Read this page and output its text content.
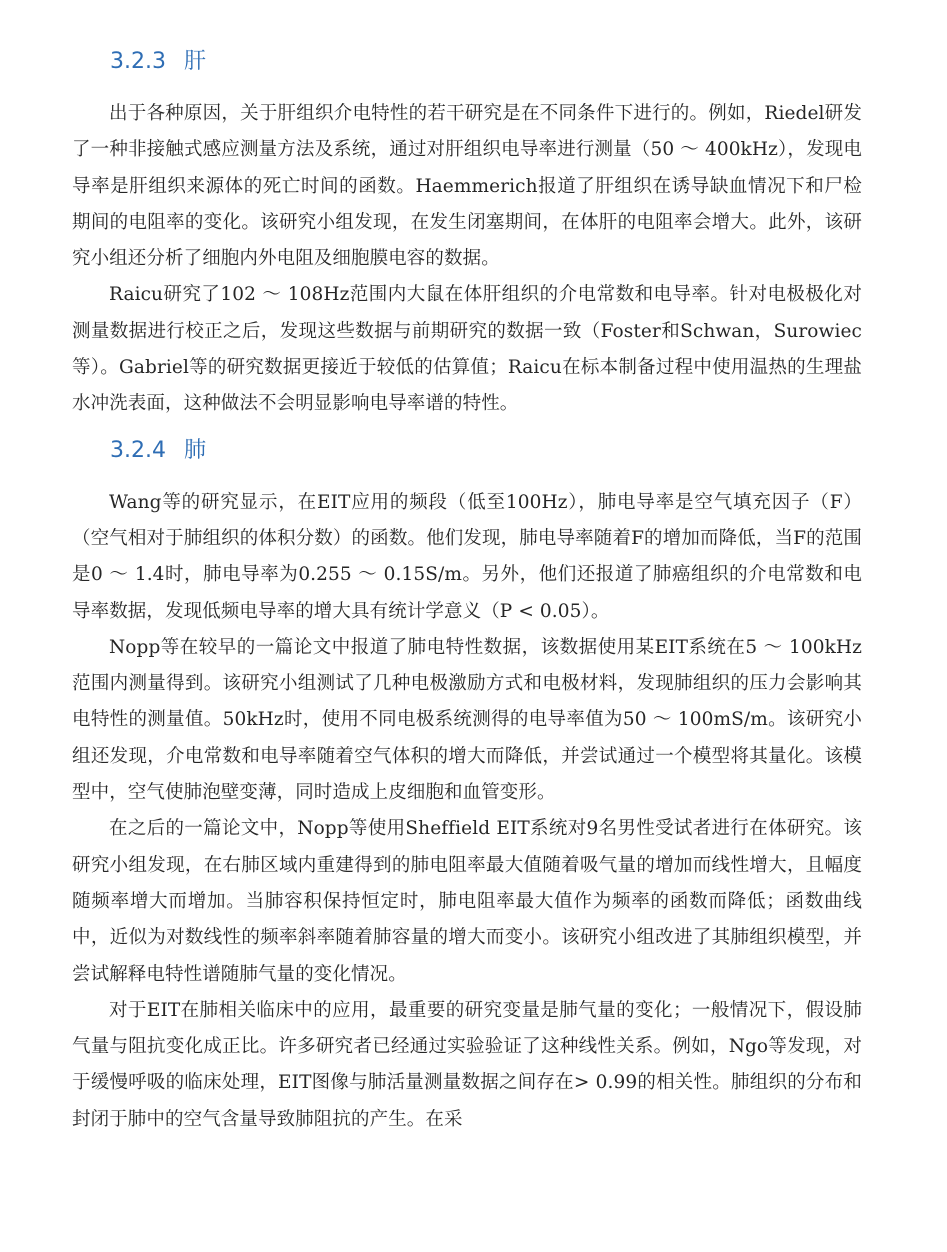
3.2.3 肝

出于各种原因，关于肝组织介电特性的若干研究是在不同条件下进行的。例如，Riedel研发了一种非接触式感应测量方法及系统，通过对肝组织电导率进行测量（50 ～ 400kHz），发现电导率是肝组织来源体的死亡时间的函数。Haemmerich报道了肝组织在诱导缺血情况下和尸检期间的电阻率的变化。该研究小组发现，在发生闭塞期间，在体肝的电阻率会增大。此外，该研究小组还分析了细胞内外电阻及细胞膜电容的数据。

Raicu研究了102 ～ 108Hz范围内大鼠在体肝组织的介电常数和电导率。针对电极极化对测量数据进行校正之后，发现这些数据与前期研究的数据一致（Foster和Schwan，Surowiec等）。Gabriel等的研究数据更接近于较低的估算值；Raicu在标本制备过程中使用温热的生理盐水冲洗表面，这种做法不会明显影响电导率谱的特性。

3.2.4 肺

Wang等的研究显示，在EIT应用的频段（低至100Hz），肺电导率是空气填充因子（F）（空气相对于肺组织的体积分数）的函数。他们发现，肺电导率随着F的增加而降低，当F的范围是0 ～ 1.4时，肺电导率为0.255 ～ 0.15S/m。另外，他们还报道了肺癌组织的介电常数和电导率数据，发现低频电导率的增大具有统计学意义（P < 0.05）。

Nopp等在较早的一篇论文中报道了肺电特性数据，该数据使用某EIT系统在5 ～ 100kHz范围内测量得到。该研究小组测试了几种电极激励方式和电极材料，发现肺组织的压力会影响其电特性的测量值。50kHz时，使用不同电极系统测得的电导率值为50 ～ 100mS/m。该研究小组还发现，介电常数和电导率随着空气体积的增大而降低，并尝试通过一个模型将其量化。该模型中，空气使肺泡壁变薄，同时造成上皮细胞和血管变形。

在之后的一篇论文中，Nopp等使用Sheffield EIT系统对9名男性受试者进行在体研究。该研究小组发现，在右肺区域内重建得到的肺电阻率最大值随着吸气量的增加而线性增大，且幅度随频率增大而增加。当肺容积保持恒定时，肺电阻率最大值作为频率的函数而降低；函数曲线中，近似为对数线性的频率斜率随着肺容量的增大而变小。该研究小组改进了其肺组织模型，并尝试解释电特性谱随肺气量的变化情况。

对于EIT在肺相关临床中的应用，最重要的研究变量是肺气量的变化；一般情况下，假设肺气量与阻抗变化成正比。许多研究者已经通过实验验证了这种线性关系。例如，Ngo等发现，对于缓慢呼吸的临床处理，EIT图像与肺活量测量数据之间存在> 0.99的相关性。肺组织的分布和封闭于肺中的空气含量导致肺阻抗的产生。在采
